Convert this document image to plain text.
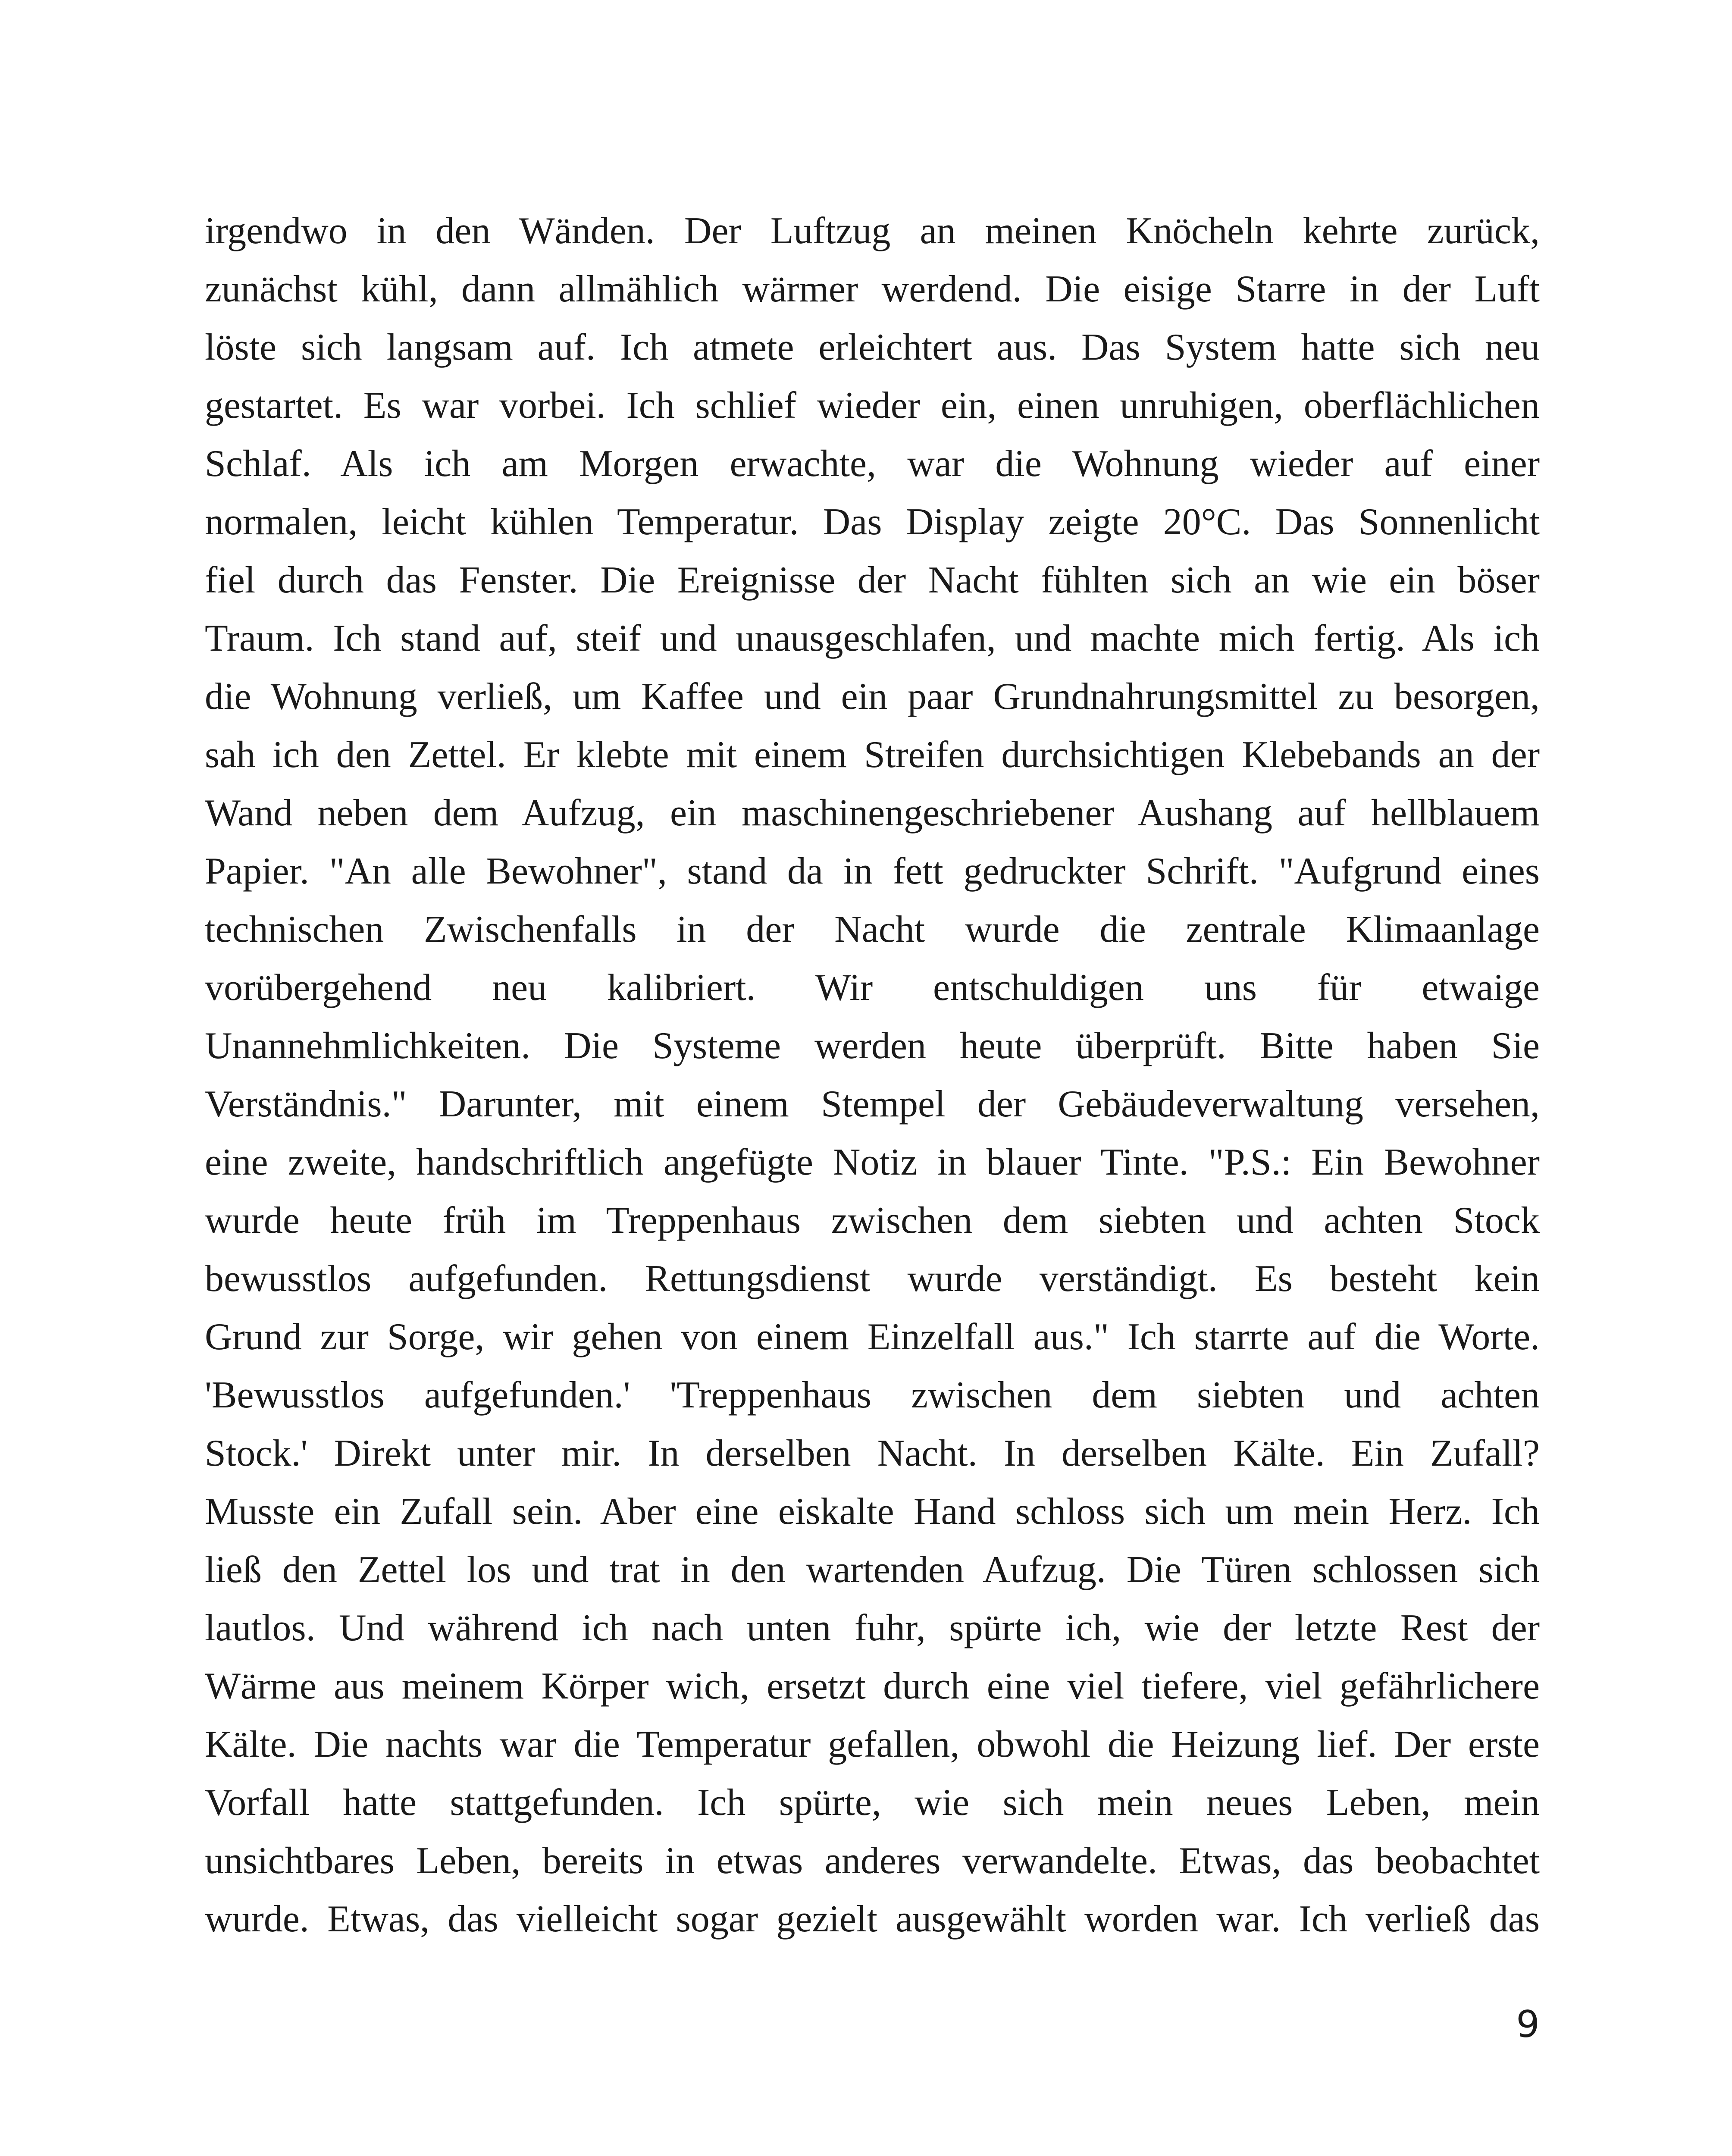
irgendwo in den Wänden. Der Luftzug an meinen Knöcheln kehrte zurück,
zunächst kühl, dann allmählich wärmer werdend. Die eisige Starre in der Luft
löste sich langsam auf. Ich atmete erleichtert aus. Das System hatte sich neu
gestartet. Es war vorbei. Ich schlief wieder ein, einen unruhigen, oberflächlichen
Schlaf. Als ich am Morgen erwachte, war die Wohnung wieder auf einer
normalen, leicht kühlen Temperatur. Das Display zeigte 20°C. Das Sonnenlicht
fiel durch das Fenster. Die Ereignisse der Nacht fühlten sich an wie ein böser
Traum. Ich stand auf, steif und unausgeschlafen, und machte mich fertig. Als ich
die Wohnung verließ, um Kaffee und ein paar Grundnahrungsmittel zu besorgen,
sah ich den Zettel. Er klebte mit einem Streifen durchsichtigen Klebebands an der
Wand neben dem Aufzug, ein maschinengeschriebener Aushang auf hellblauem
Papier. "An alle Bewohner", stand da in fett gedruckter Schrift. "Aufgrund eines
technischen Zwischenfalls in der Nacht wurde die zentrale Klimaanlage
vorübergehend neu kalibriert. Wir entschuldigen uns für etwaige
Unannehmlichkeiten. Die Systeme werden heute überprüft. Bitte haben Sie
Verständnis." Darunter, mit einem Stempel der Gebäudeverwaltung versehen,
eine zweite, handschriftlich angefügte Notiz in blauer Tinte. "P.S.: Ein Bewohner
wurde heute früh im Treppenhaus zwischen dem siebten und achten Stock
bewusstlos aufgefunden. Rettungsdienst wurde verständigt. Es besteht kein
Grund zur Sorge, wir gehen von einem Einzelfall aus." Ich starrte auf die Worte.
'Bewusstlos aufgefunden.' 'Treppenhaus zwischen dem siebten und achten
Stock.' Direkt unter mir. In derselben Nacht. In derselben Kälte. Ein Zufall?
Musste ein Zufall sein. Aber eine eiskalte Hand schloss sich um mein Herz. Ich
ließ den Zettel los und trat in den wartenden Aufzug. Die Türen schlossen sich
lautlos. Und während ich nach unten fuhr, spürte ich, wie der letzte Rest der
Wärme aus meinem Körper wich, ersetzt durch eine viel tiefere, viel gefährlichere
Kälte. Die nachts war die Temperatur gefallen, obwohl die Heizung lief. Der erste
Vorfall hatte stattgefunden. Ich spürte, wie sich mein neues Leben, mein
unsichtbares Leben, bereits in etwas anderes verwandelte. Etwas, das beobachtet
wurde. Etwas, das vielleicht sogar gezielt ausgewählt worden war. Ich verließ das
9
